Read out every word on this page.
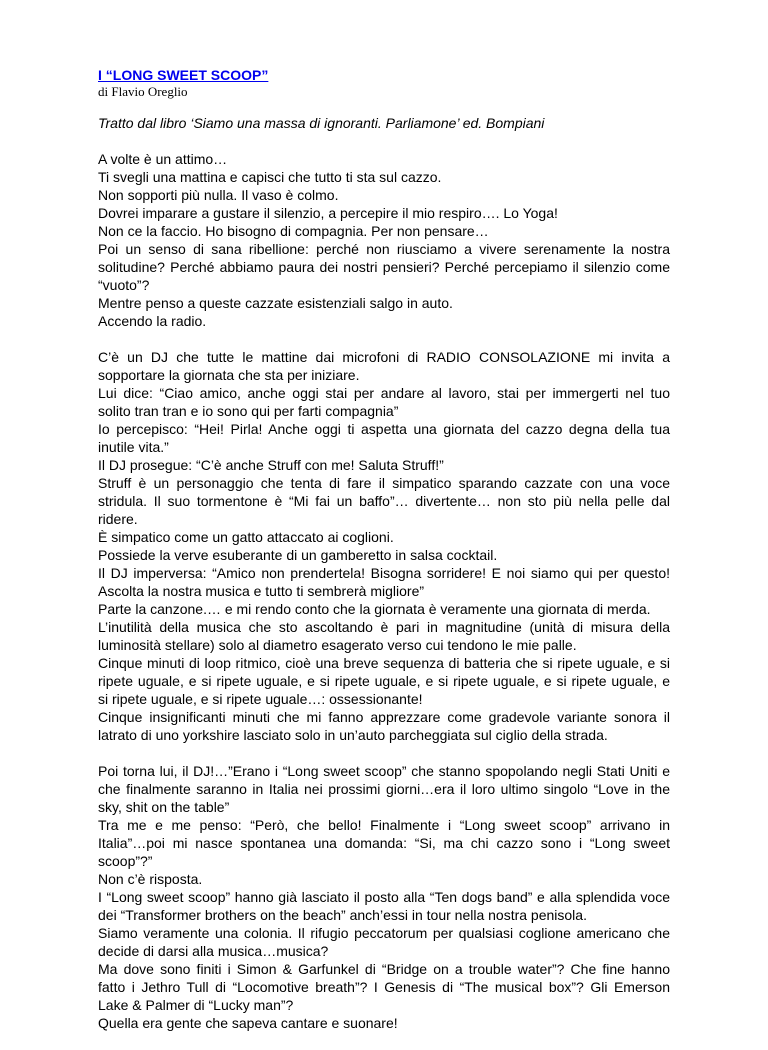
I “LONG SWEET SCOOP”
di Flavio Oreglio
Tratto dal libro ‘Siamo una massa di ignoranti. Parliamone’ ed. Bompiani
A volte è un attimo…
Ti svegli una mattina e capisci che tutto ti sta sul cazzo.
Non sopporti più nulla. Il vaso è colmo.
Dovrei imparare a gustare il silenzio, a percepire il mio respiro…. Lo Yoga!
Non ce la faccio. Ho bisogno di compagnia. Per non pensare…
Poi un senso di sana ribellione: perché non riusciamo a vivere serenamente la nostra
solitudine? Perché abbiamo paura dei nostri pensieri? Perché percepiamo il silenzio come
“vuoto”?
Mentre penso a queste cazzate esistenziali salgo in auto.
Accendo la radio.
C’è un DJ che tutte le mattine dai microfoni di RADIO CONSOLAZIONE mi invita a
sopportare la giornata che sta per iniziare.
Lui dice: “Ciao amico, anche oggi stai per andare al lavoro, stai per immergerti nel tuo
solito tran tran e io sono qui per farti compagnia”
Io percepisco: “Hei! Pirla! Anche oggi ti aspetta una giornata del cazzo degna della tua
inutile vita.”
Il DJ prosegue: “C’è anche Struff con me! Saluta Struff!”
Struff è un personaggio che tenta di fare il simpatico sparando cazzate con una voce
stridula. Il suo tormentone è “Mi fai un baffo”… divertente… non sto più nella pelle dal
ridere.
È simpatico come un gatto attaccato ai coglioni.
Possiede la verve esuberante di un gamberetto in salsa cocktail.
Il DJ imperversa: “Amico non prendertela! Bisogna sorridere! E noi siamo qui per questo!
Ascolta la nostra musica e tutto ti sembrerà migliore”
Parte la canzone.… e mi rendo conto che la giornata è veramente una giornata di merda.
L’inutilità della musica che sto ascoltando è pari in magnitudine (unità di misura della
luminosità stellare) solo al diametro esagerato verso cui tendono le mie palle.
Cinque minuti di loop ritmico, cioè una breve sequenza di batteria che si ripete uguale, e si
ripete uguale, e si ripete uguale, e si ripete uguale, e si ripete uguale, e si ripete uguale, e
si ripete uguale, e si ripete uguale…: ossessionante!
Cinque insignificanti minuti che mi fanno apprezzare come gradevole variante sonora il
latrato di uno yorkshire lasciato solo in un’auto parcheggiata sul ciglio della strada.
Poi torna lui, il DJ!…”Erano i “Long sweet scoop” che stanno spopolando negli Stati Uniti e
che finalmente saranno in Italia nei prossimi giorni…era il loro ultimo singolo “Love in the
sky, shit on the table”
Tra me e me penso: “Però, che bello! Finalmente i “Long sweet scoop” arrivano in
Italia”…poi mi nasce spontanea una domanda: “Si, ma chi cazzo sono i “Long sweet
scoop”?”
Non c’è risposta.
I “Long sweet scoop” hanno già lasciato il posto alla “Ten dogs band” e alla splendida voce
dei “Transformer brothers on the beach” anch’essi in tour nella nostra penisola.
Siamo veramente una colonia. Il rifugio peccatorum per qualsiasi coglione americano che
decide di darsi alla musica…musica?
Ma dove sono finiti i Simon & Garfunkel di “Bridge on a trouble water”? Che fine hanno
fatto i Jethro Tull di “Locomotive breath”? I Genesis di “The musical box”? Gli Emerson
Lake & Palmer di “Lucky man”?
Quella era gente che sapeva cantare e suonare!
